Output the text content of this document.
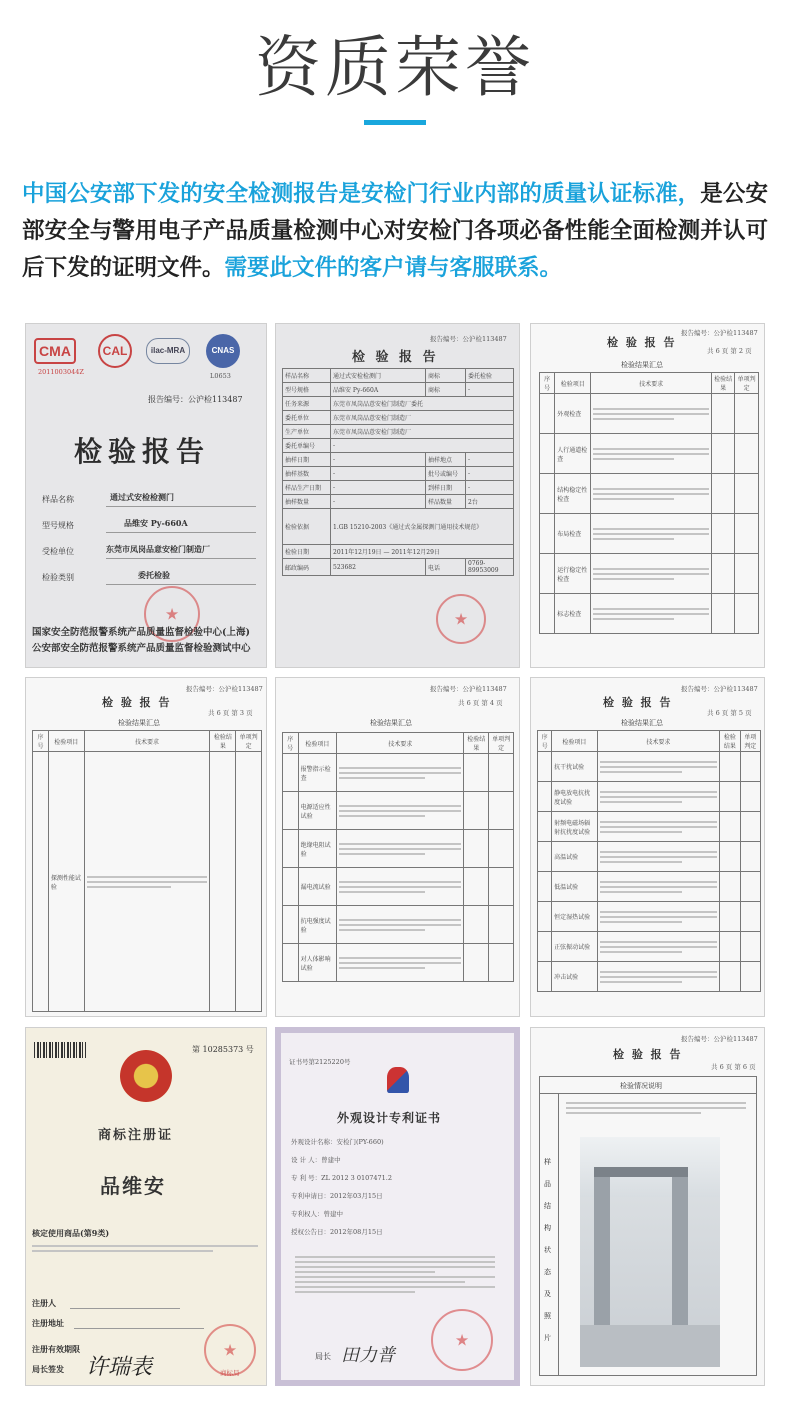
资质荣誉
中国公安部下发的安全检测报告是安检门行业内部的质量认证标准，是公安部安全与警用电子产品质量检测中心对安检门各项必备性能全面检测并认可后下发的证明文件。需要此文件的客户请与客服联系。
CMA	CAL	ilac-MRA	CNAS
2011003044Z	L0653
报告编号：公沪检113487
检验报告
样品名称	通过式安检检测门
型号规格	品维安 Py-660A
受检单位	东莞市凤岗品意安检门制造厂
检验类别	委托检验
★
国家安全防范报警系统产品质量监督检验中心(上海)
公安部安全防范报警系统产品质量监督检验测试中心
报告编号：公沪检113487
检 验 报 告
样品名称	通过式安检检测门	商标	委托检验
型号规格	品维安 Py-660A	商标	-
任务来源	东莞市凤岗品意安检门制造厂委托		
委托单位	东莞市凤岗品意安检门制造厂		
生产单位	东莞市凤岗品意安检门制造厂		
委托单编号	-		
抽样日期	-	抽样地点	-
抽样基数	-	批号或编号	-
样品生产日期	-	到样日期	-
抽样数量	-	样品数量	2台
检验依据	1.GB 15210-2003《通过式金属探测门通用技术规范》		
检验日期	2011年12月19日 — 2011年12月29日		
邮政编码	523682	电话	0769-89953009
★
报告编号：公沪检113487
检 验 报 告
共 6 页 第 2 页
检验结果汇总
序号	检验项目	技术要求	检验结果	单项判定
	外观检查	

	人行通道检查	

	结构稳定性检查	

	布局检查	

	运行稳定性检查	

	标志检查	

报告编号：公沪检113487
检 验 报 告
共 6 页 第 3 页
检验结果汇总
序号	检验项目	技术要求	检验结果	单项判定
	探测性能试验	

报告编号：公沪检113487
共 6 页 第 4 页
检验结果汇总
序号	检验项目	技术要求	检验结果	单项判定
	报警指示检查	

	电源适应性试验	

	绝缘电阻试验	

	漏电流试验	

	抗电强度试验	

	对人体影响试验	

报告编号：公沪检113487
检 验 报 告
共 6 页 第 5 页
检验结果汇总
序号	检验项目	技术要求	检验结果	单项判定
	抗干扰试验	

	静电放电抗扰度试验	

	射频电磁场辐射抗扰度试验	

	高温试验	

	低温试验	

	恒定湿热试验	

	正弦振动试验	

	冲击试验	

第 10285373 号
商标注册证
品维安
核定使用商品(第9类)
注册人
注册地址
注册有效期限
局长签发 许瑞表 ★	商标局
证书号第2125220号
外观设计专利证书
外观设计名称：安检门(PY-660)
设 计 人：曾建中
专 利 号：ZL 2012 3 0107471.2
专利申请日：2012年03月15日
专利权人：曾建中
授权公告日：2012年08月15日
局长 田力普
★
报告编号：公沪检113487
检 验 报 告
共 6 页 第 6 页
检验情况说明
样
品
结
构
状
态
及
照
片
